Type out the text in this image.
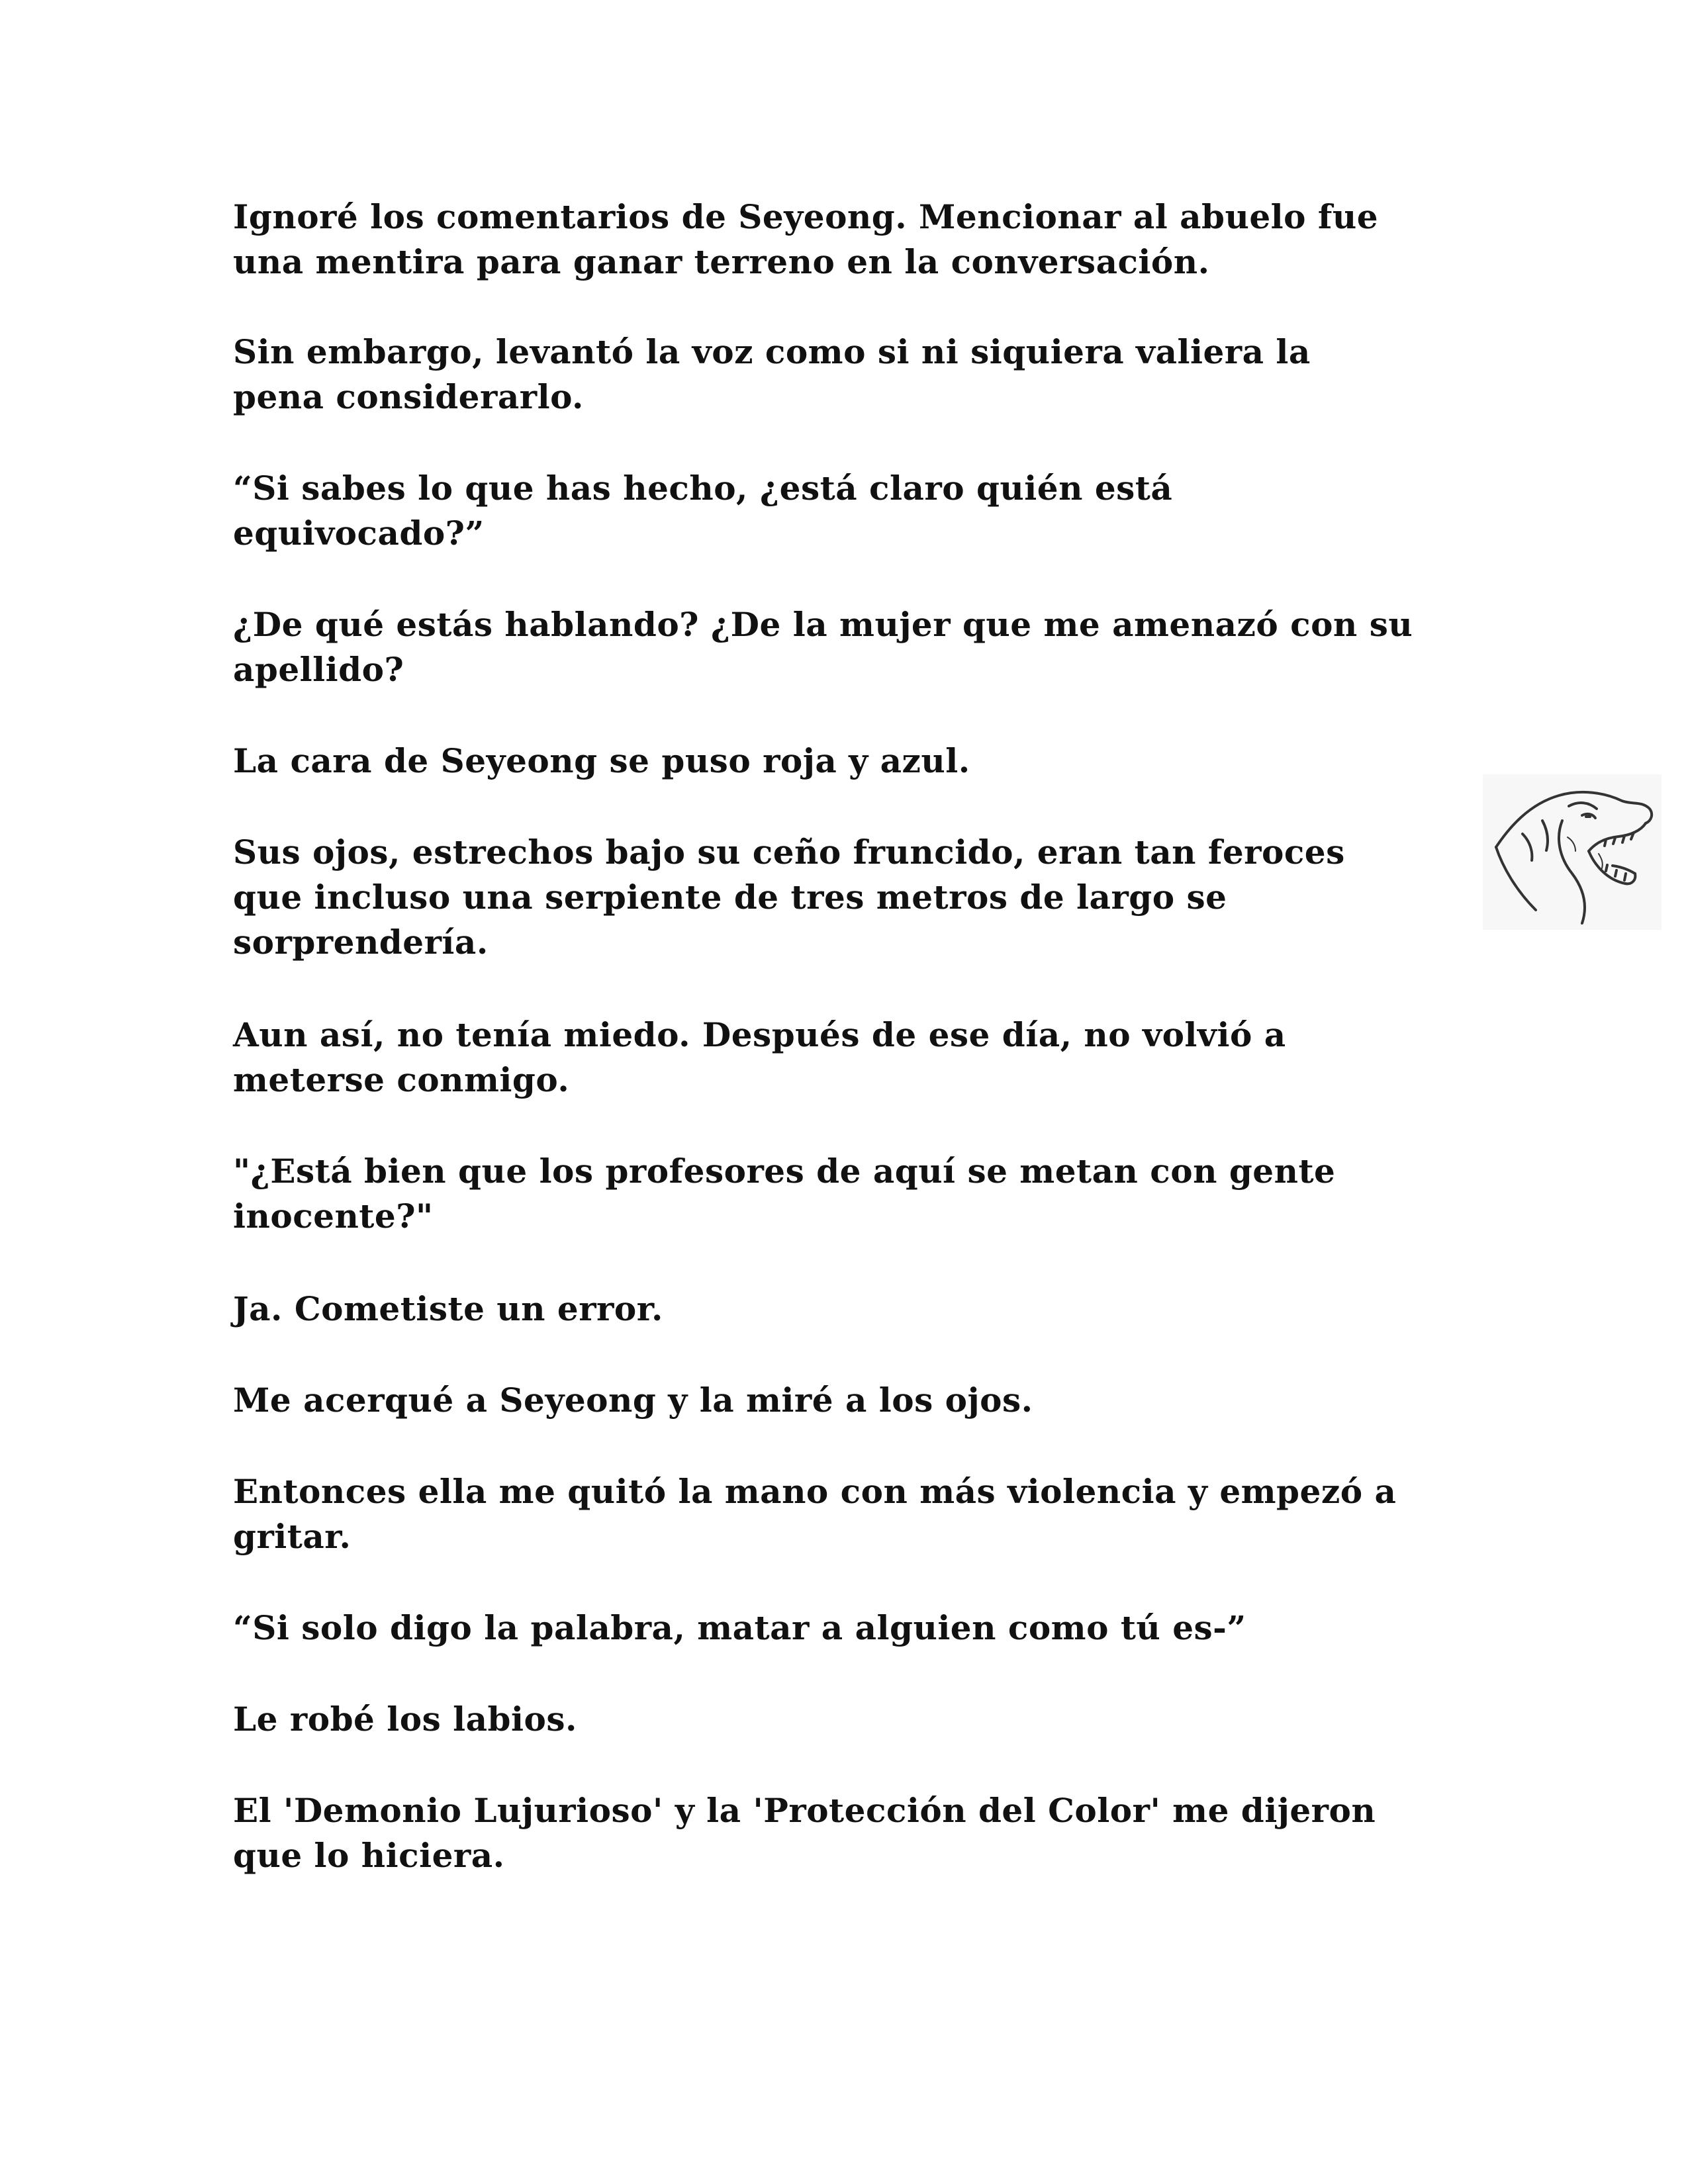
Ignoré los comentarios de Seyeong. Mencionar al abuelo fue
una mentira para ganar terreno en la conversación.

Sin embargo, levantó la voz como si ni siquiera valiera la
pena considerarlo.

“Si sabes lo que has hecho, ¿está claro quién está
equivocado?”

¿De qué estás hablando? ¿De la mujer que me amenazó con su
apellido?

La cara de Seyeong se puso roja y azul.

Sus ojos, estrechos bajo su ceño fruncido, eran tan feroces
que incluso una serpiente de tres metros de largo se
sorprendería.

Aun así, no tenía miedo. Después de ese día, no volvió a
meterse conmigo.

"¿Está bien que los profesores de aquí se metan con gente
inocente?"

Ja. Cometiste un error.

Me acerqué a Seyeong y la miré a los ojos.

Entonces ella me quitó la mano con más violencia y empezó a
gritar.

“Si solo digo la palabra, matar a alguien como tú es-”

Le robé los labios.

El 'Demonio Lujurioso' y la 'Protección del Color' me dijeron
que lo hiciera.
